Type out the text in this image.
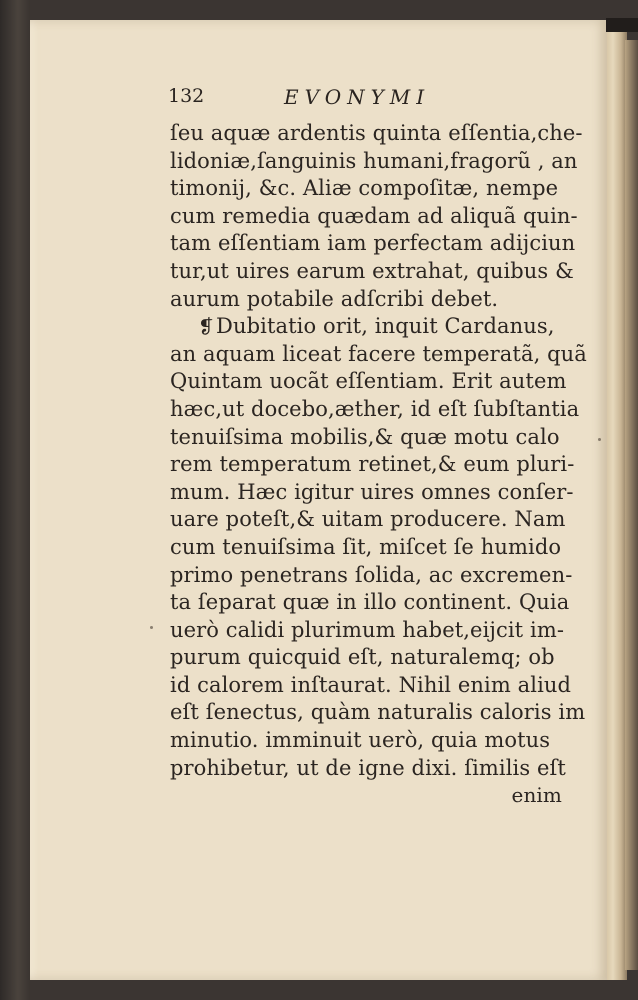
132	EVONYMI
ſeu aquæ ardentis quinta eſſentia,che-
lidoniæ,ſanguinis humani,fragorũ , an
timonij, &c. Aliæ compoſitæ, nempe
cum remedia quædam ad aliquã quin-
tam eſſentiam iam perfectam adijciun
tur,ut uires earum extrahat, quibus &
aurum potabile adſcribi debet.
❡Dubitatio orit, inquit Cardanus,
an aquam liceat facere temperatã, quã
Quintam uocãt eſſentiam. Erit autem
hæc,ut docebo,æther, id eſt ſubſtantia
tenuiſsima mobilis,& quæ motu calo
rem temperatum retinet,& eum pluri-
mum. Hæc igitur uires omnes conſer-
uare poteſt,& uitam producere. Nam
cum tenuiſsima ſit, miſcet ſe humido
primo penetrans ſolida, ac excremen-
ta ſeparat quæ in illo continent. Quia
uerò calidi plurimum habet,eijcit im-
purum quicquid eſt, naturalemq; ob
id calorem inſtaurat. Nihil enim aliud
eſt ſenectus, quàm naturalis caloris im
minutio. imminuit uerò, quia motus
prohibetur, ut de igne dixi. ſimilis eſt
enim
